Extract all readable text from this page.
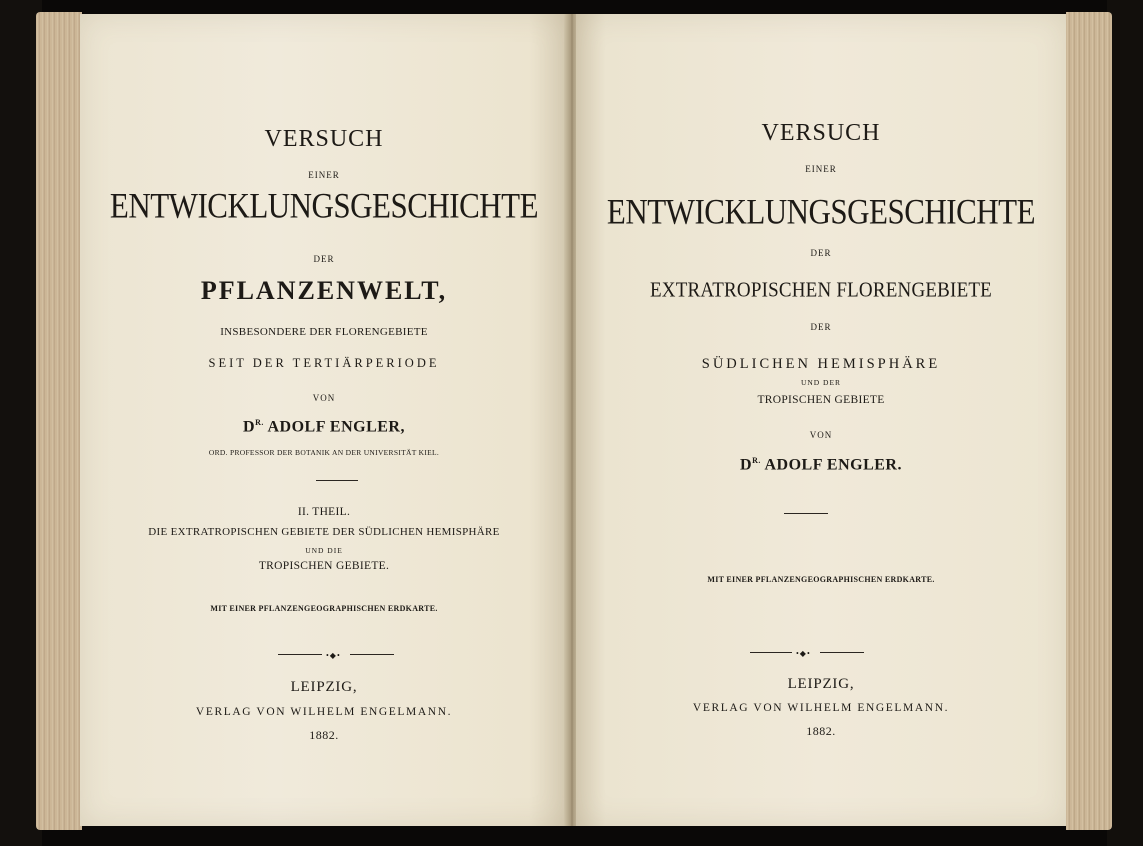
VERSUCH
EINER
ENTWICKLUNGSGESCHICHTE
DER
PFLANZENWELT,
INSBESONDERE DER FLORENGEBIETE
SEIT DER TERTIÄRPERIODE
VON
$D^{R.}$ ADOLF ENGLER,
ORD. PROFESSOR DER BOTANIK AN DER UNIVERSITÄT KIEL.
II. THEIL.
DIE EXTRATROPISCHEN GEBIETE DER SÜDLICHEN HEMISPHÄRE
UND DIE
TROPISCHEN GEBIETE.
MIT EINER PFLANZENGEOGRAPHISCHEN ERDKARTE.
•◆•
LEIPZIG,
VERLAG VON WILHELM ENGELMANN.
1882.
VERSUCH
EINER
ENTWICKLUNGSGESCHICHTE
DER
EXTRATROPISCHEN FLORENGEBIETE
DER
SÜDLICHEN HEMISPHÄRE
UND DER
TROPISCHEN GEBIETE
VON
$D^{R.}$ ADOLF ENGLER.
MIT EINER PFLANZENGEOGRAPHISCHEN ERDKARTE.
•◆•
LEIPZIG,
VERLAG VON WILHELM ENGELMANN.
1882.
